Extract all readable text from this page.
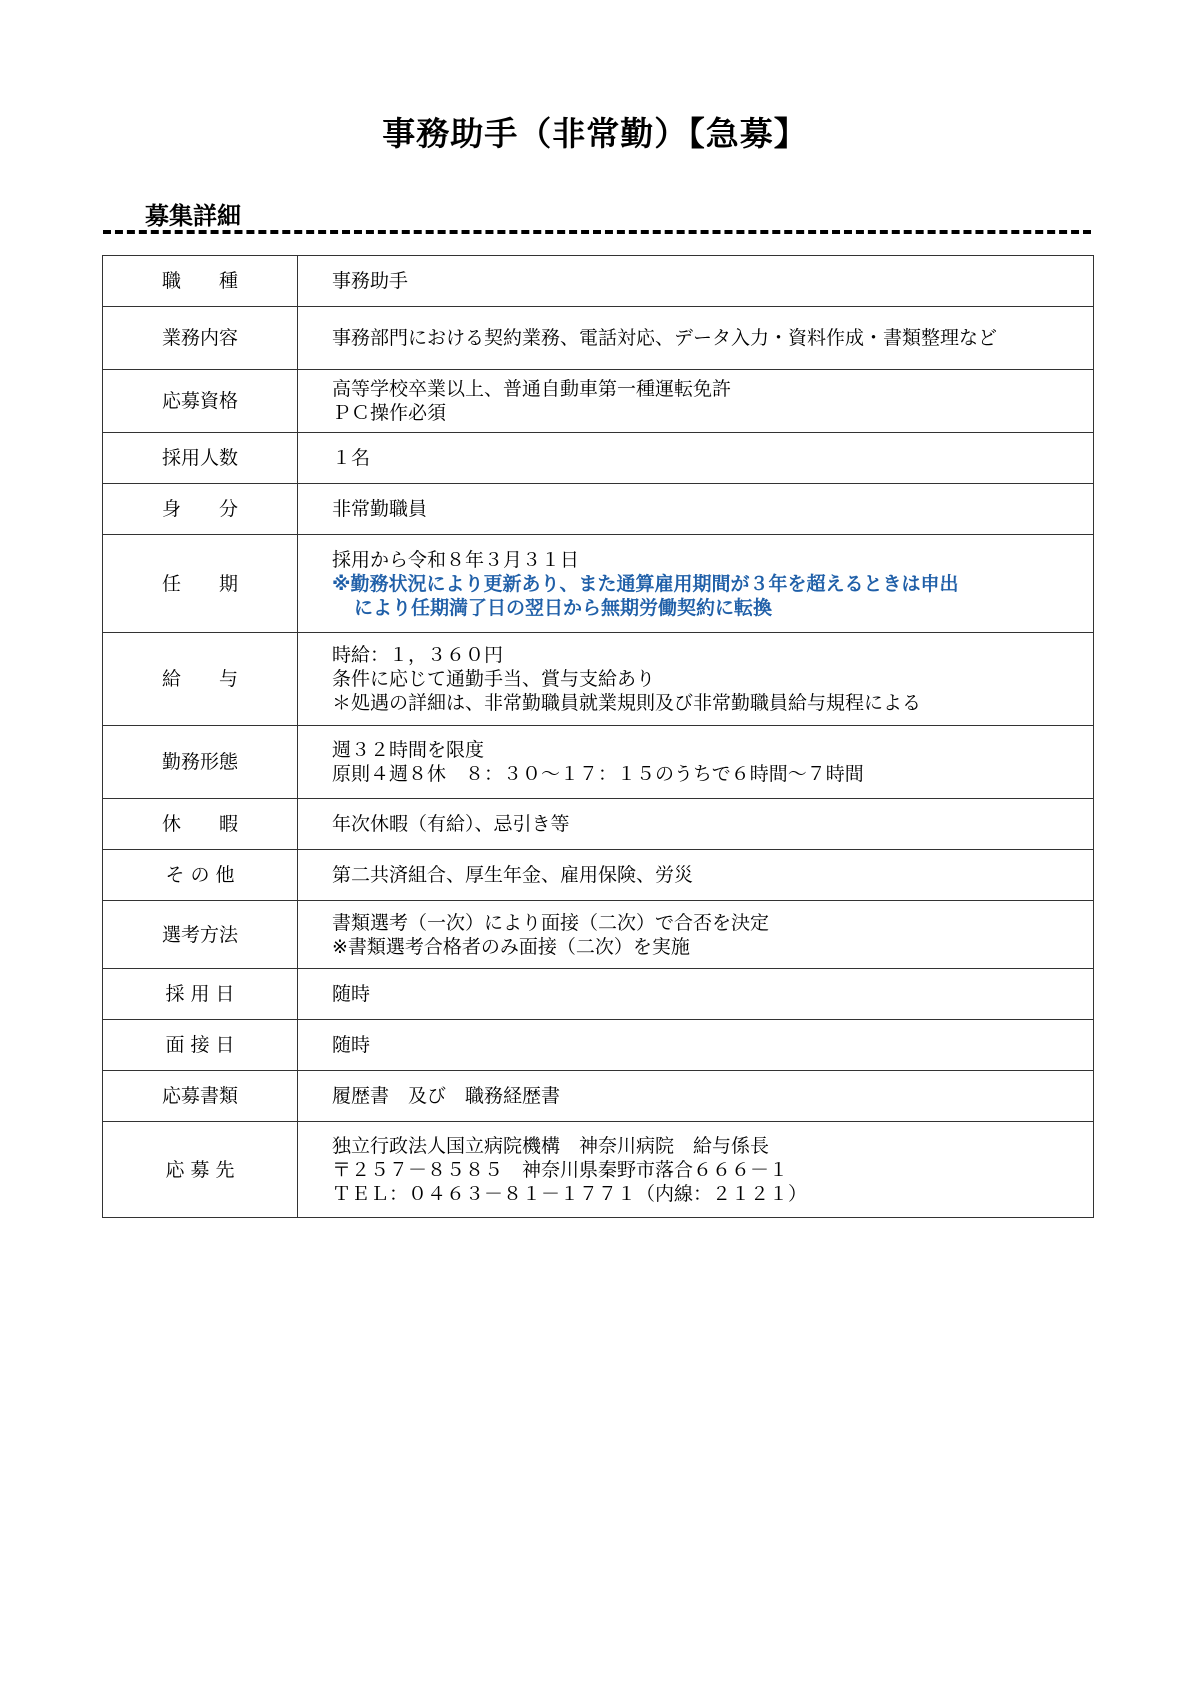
事務助手（非常勤）【急募】
募集詳細
職　　種	事務助手

業務内容	事務部門における契約業務、電話対応、データ入力・資料作成・書類整理など

応募資格	高等学校卒業以上、普通自動車第一種運転免許
ＰＣ操作必須

採用人数	１名

身　　分	非常勤職員

任　　期	採用から令和８年３月３１日
※勤務状況により更新あり、また通算雇用期間が３年を超えるときは申出
により任期満了日の翌日から無期労働契約に転換

給　　与	時給：１，３６０円
条件に応じて通勤手当、賞与支給あり
＊処遇の詳細は、非常勤職員就業規則及び非常勤職員給与規程による

勤務形態	週３２時間を限度
原則４週８休　８：３０～１７：１５のうちで６時間～７時間

休　　暇	年次休暇（有給）、忌引き等

そ の 他	第二共済組合、厚生年金、雇用保険、労災

選考方法	書類選考（一次）により面接（二次）で合否を決定
※書類選考合格者のみ面接（二次）を実施

採 用 日	随時

面 接 日	随時

応募書類	履歴書　及び　職務経歴書

応 募 先	独立行政法人国立病院機構　神奈川病院　給与係長
〒２５７－８５８５　神奈川県秦野市落合６６６－１
ＴＥＬ：０４６３－８１－１７７１（内線：２１２１）
